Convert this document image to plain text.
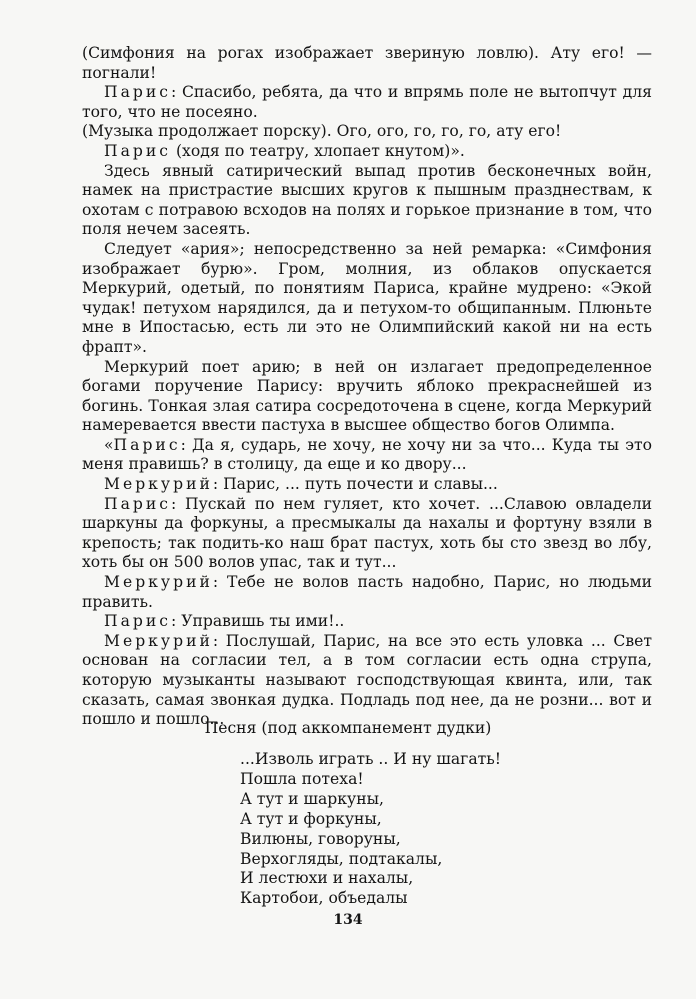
(Симфония на рогах изображает звериную ловлю). Ату его! — погнали!

Парис: Спасибо, ребята, да что и впрямь поле не вытопчут для того, что не посеяно.

(Музыка продолжает порску). Ого, ого, го, го, го, ату его!

Парис (ходя по театру, хлопает кнутом)».

Здесь явный сатирический выпад против бесконечных войн, намек на пристрастие высших кругов к пышным празднествам, к охотам с потравою всходов на полях и горькое признание в том, что поля нечем засеять.

Следует «ария»; непосредственно за ней ремарка: «Симфония изображает бурю». Гром, молния, из облаков опускается Меркурий, одетый, по понятиям Париса, крайне мудрено: «Экой чудак! петухом нарядился, да и петухом-то общипанным. Плюньте мне в Ипостасью, есть ли это не Олимпийский какой ни на есть фрапт».

Меркурий поет арию; в ней он излагает предопределенное богами поручение Парису: вручить яблоко прекраснейшей из богинь. Тонкая злая сатира сосредоточена в сцене, когда Меркурий намеревается ввести пастуха в высшее общество богов Олимпа.

«Парис: Да я, сударь, не хочу, не хочу ни за что... Куда ты это меня правишь? в столицу, да еще и ко двору...

Меркурий: Парис, ... путь почести и славы...

Парис: Пускай по нем гуляет, кто хочет. ...Славою овладели шаркуны да форкуны, а пресмыкалы да нахалы и фортуну взяли в крепость; так подить-ко наш брат пастух, хоть бы сто звезд во лбу, хоть бы он 500 волов упас, так и тут...

Меркурий: Тебе не волов пасть надобно, Парис, но людьми править.

Парис: Управишь ты ими!..

Меркурий: Послушай, Парис, на все это есть уловка ... Свет основан на согласии тел, а в том согласии есть одна струпа, которую музыканты называют господствующая квинта, или, так сказать, самая звонкая дудка. Подладь под нее, да не розни... вот и пошло и пошло...

Песня (под аккомпанемент дудки)
...Изволь играть .. И ну шагать!
Пошла потеха!
А тут и шаркуны,
А тут и форкуны,
Вилюны, говоруны,
Верхогляды, подтакалы,
И лестюхи и нахалы,
Картобои, объедалы
134
